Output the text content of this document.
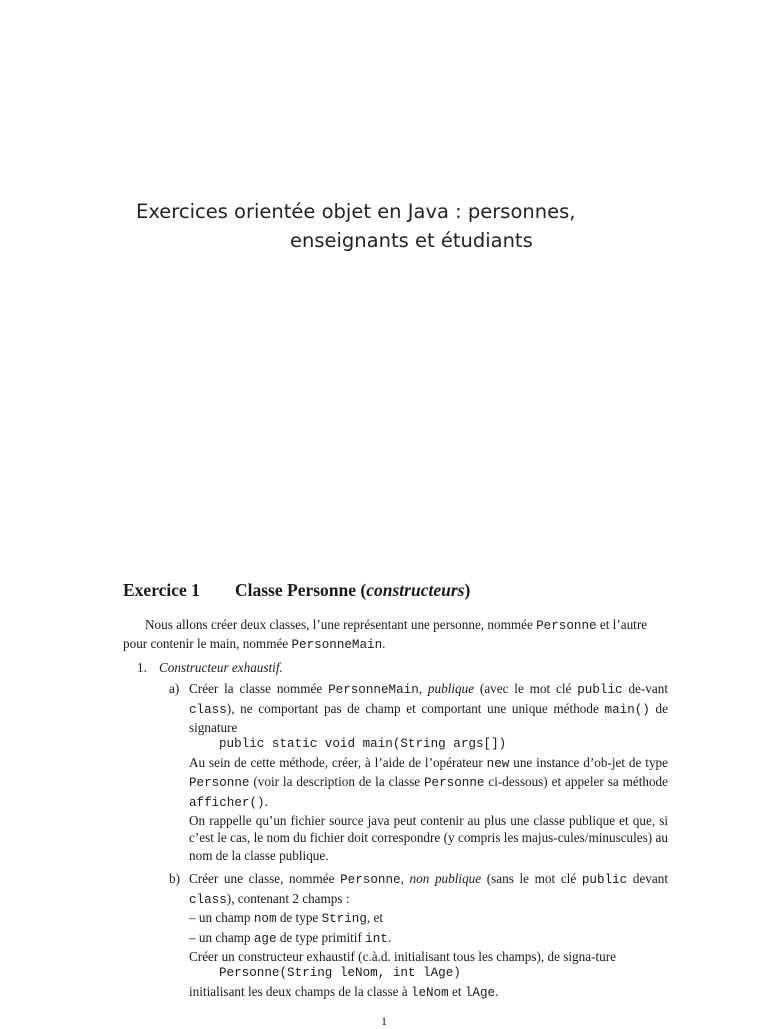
Exercices orientée objet en Java : personnes,
enseignants et étudiants
Exercice 1 Classe Personne (constructeurs)

Nous allons créer deux classes, l’une représentant une personne, nommée Personne et l’autre pour contenir le main, nommée PersonneMain.

1. Constructeur exhaustif.
a) Créer la classe nommée PersonneMain, publique (avec le mot clé public de-vant class), ne comportant pas de champ et comportant une unique méthode main() de signature

public static void main(String args[])

Au sein de cette méthode, créer, à l’aide de l’opérateur new une instance d’ob-jet de type Personne (voir la description de la classe Personne ci-dessous) et appeler sa méthode afficher().

On rappelle qu’un fichier source java peut contenir au plus une classe publique et que, si c’est le cas, le nom du fichier doit correspondre (y compris les majus-cules/minuscules) au nom de la classe publique.

b) Créer une classe, nommée Personne, non publique (sans le mot clé public devant class), contenant 2 champs :

– un champ nom de type String, et

– un champ age de type primitif int.

Créer un constructeur exhaustif (c.à.d. initialisant tous les champs), de signa-ture

Personne(String leNom, int lAge)

initialisant les deux champs de la classe à leNom et lAge.

1
